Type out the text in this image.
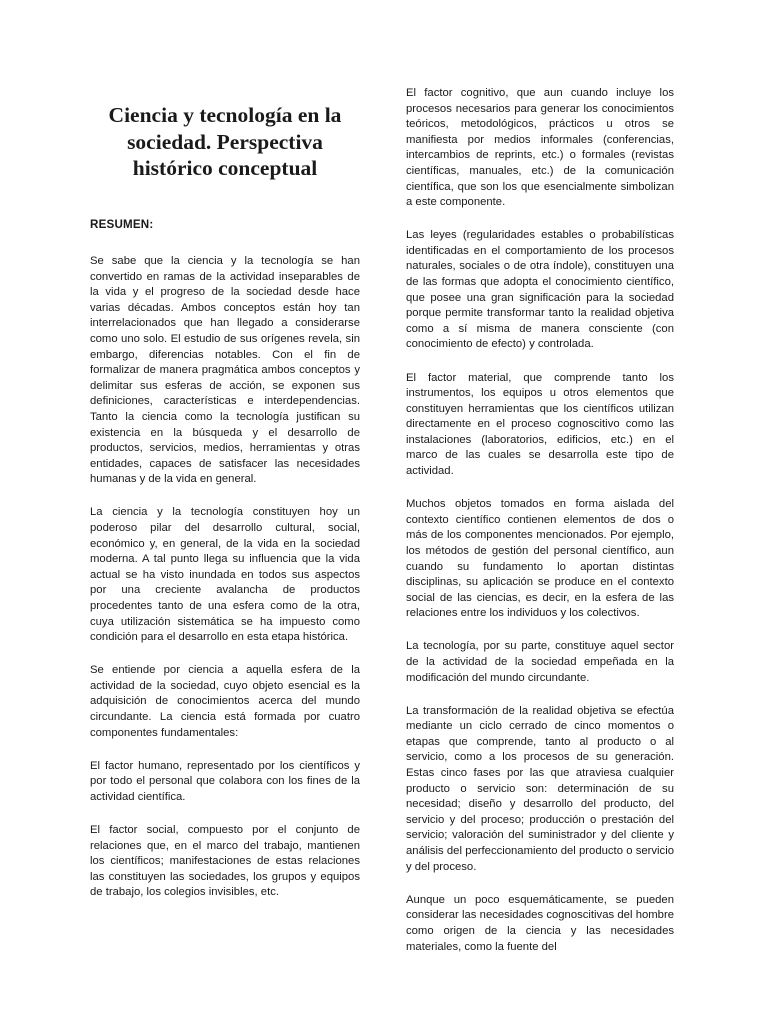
Ciencia y tecnología en la sociedad. Perspectiva histórico conceptual
RESUMEN:

Se sabe que la ciencia y la tecnología se han convertido en ramas de la actividad inseparables de la vida y el progreso de la sociedad desde hace varias décadas. Ambos conceptos están hoy tan interrelacionados que han llegado a considerarse como uno solo. El estudio de sus orígenes revela, sin embargo, diferencias notables. Con el fin de formalizar de manera pragmática ambos conceptos y delimitar sus esferas de acción, se exponen sus definiciones, características e interdependencias. Tanto la ciencia como la tecnología justifican su existencia en la búsqueda y el desarrollo de productos, servicios, medios, herramientas y otras entidades, capaces de satisfacer las necesidades humanas y de la vida en general.

La ciencia y la tecnología constituyen hoy un poderoso pilar del desarrollo cultural, social, económico y, en general, de la vida en la sociedad moderna. A tal punto llega su influencia que la vida actual se ha visto inundada en todos sus aspectos por una creciente avalancha de productos procedentes tanto de una esfera como de la otra, cuya utilización sistemática se ha impuesto como condición para el desarrollo en esta etapa histórica.

Se entiende por ciencia a aquella esfera de la actividad de la sociedad, cuyo objeto esencial es la adquisición de conocimientos acerca del mundo circundante. La ciencia está formada por cuatro componentes fundamentales:

El factor humano, representado por los científicos y por todo el personal que colabora con los fines de la actividad científica.

El factor social, compuesto por el conjunto de relaciones que, en el marco del trabajo, mantienen los científicos; manifestaciones de estas relaciones las constituyen las sociedades, los grupos y equipos de trabajo, los colegios invisibles, etc.

El factor cognitivo, que aun cuando incluye los procesos necesarios para generar los conocimientos teóricos, metodológicos, prácticos u otros se manifiesta por medios informales (conferencias, intercambios de reprints, etc.) o formales (revistas científicas, manuales, etc.) de la comunicación científica, que son los que esencialmente simbolizan a este componente.

Las leyes (regularidades estables o probabilísticas identificadas en el comportamiento de los procesos naturales, sociales o de otra índole), constituyen una de las formas que adopta el conocimiento científico, que posee una gran significación para la sociedad porque permite transformar tanto la realidad objetiva como a sí misma de manera consciente (con conocimiento de efecto) y controlada.

El factor material, que comprende tanto los instrumentos, los equipos u otros elementos que constituyen herramientas que los científicos utilizan directamente en el proceso cognoscitivo como las instalaciones (laboratorios, edificios, etc.) en el marco de las cuales se desarrolla este tipo de actividad.

Muchos objetos tomados en forma aislada del contexto científico contienen elementos de dos o más de los componentes mencionados. Por ejemplo, los métodos de gestión del personal científico, aun cuando su fundamento lo aportan distintas disciplinas, su aplicación se produce en el contexto social de las ciencias, es decir, en la esfera de las relaciones entre los individuos y los colectivos.

La tecnología, por su parte, constituye aquel sector de la actividad de la sociedad empeñada en la modificación del mundo circundante.

La transformación de la realidad objetiva se efectúa mediante un ciclo cerrado de cinco momentos o etapas que comprende, tanto al producto o al servicio, como a los procesos de su generación. Estas cinco fases por las que atraviesa cualquier producto o servicio son: determinación de su necesidad; diseño y desarrollo del producto, del servicio y del proceso; producción o prestación del servicio; valoración del suministrador y del cliente y análisis del perfeccionamiento del producto o servicio y del proceso.

Aunque un poco esquemáticamente, se pueden considerar las necesidades cognoscitivas del hombre como origen de la ciencia y las necesidades materiales, como la fuente del
